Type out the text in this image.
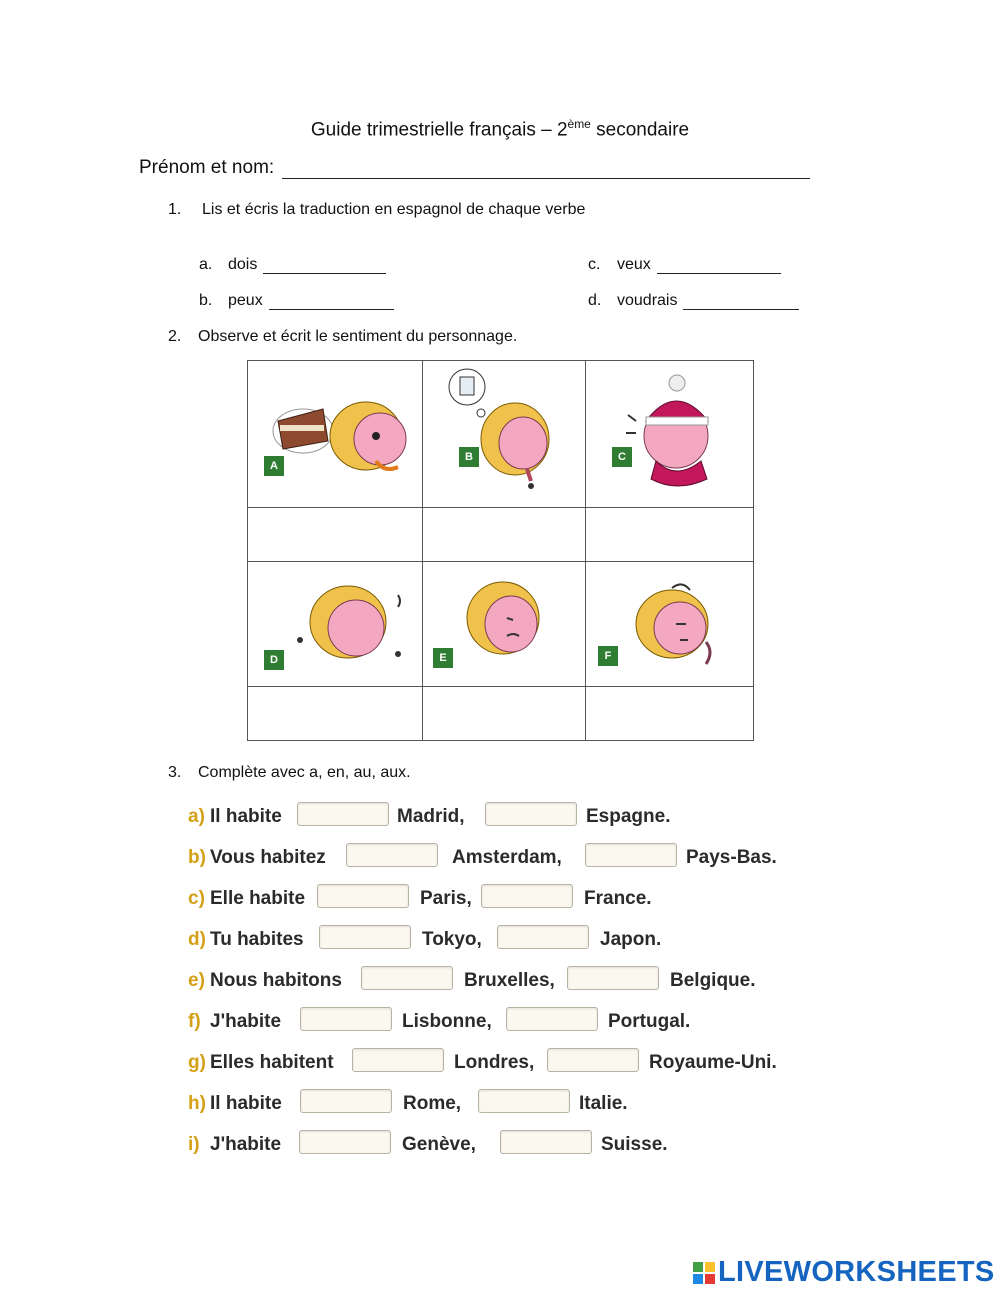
Guide trimestrielle français – 2ème secondaire
Prénom et nom:
1. Lis et écris la traduction en espagnol de chaque verbe
a. dois
b. peux
c.	veux
d. voudrais
2. Observe et écrit le sentiment du personnage.
A	B	C

D	E	F

3. Complète avec a, en, au, aux.
a) Il habite	Madrid,	Espagne.
b) Vous habitez	Amsterdam,	Pays-Bas.
c) Elle habite	Paris,	France.
d) Tu habites	Tokyo,	Japon.
e) Nous habitons	Bruxelles,	Belgique.
f) J'habite	Lisbonne,	Portugal.
g) Elles habitent	Londres,	Royaume-Uni.
h) Il habite	Rome,	Italie.
i) J'habite	Genève,	Suisse.
LIVEWORKSHEETS
